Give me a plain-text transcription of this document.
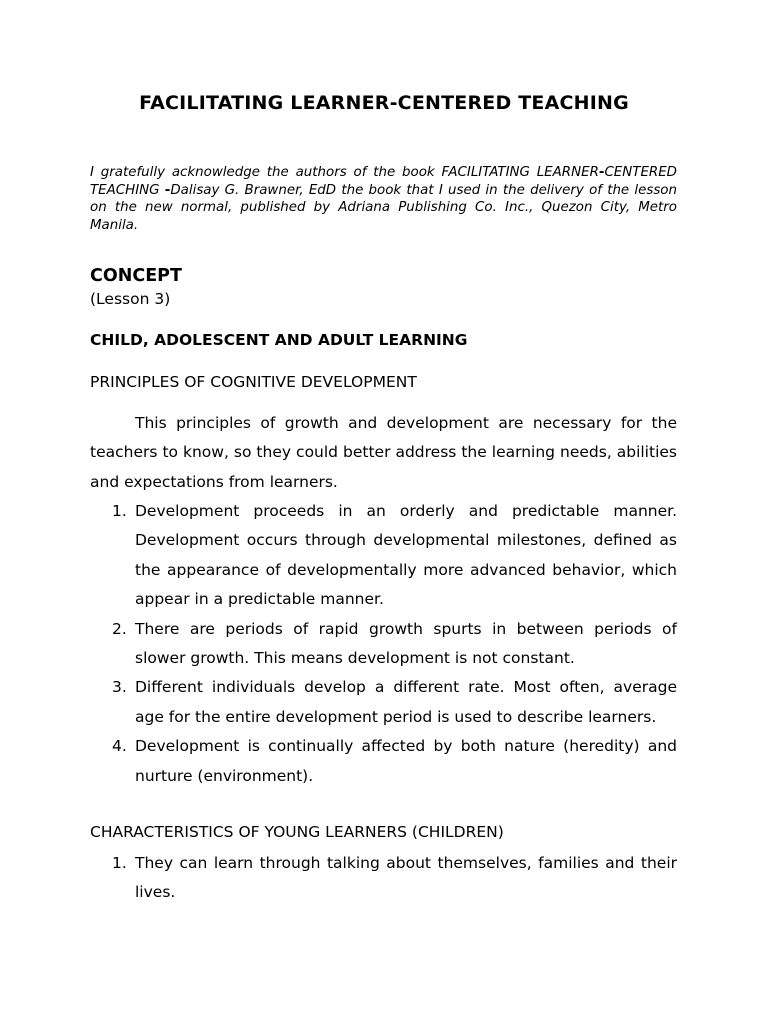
FACILITATING LEARNER-CENTERED TEACHING

I gratefully acknowledge the authors of the book FACILITATING LEARNER-CENTERED TEACHING -Dalisay G. Brawner, EdD the book that I used in the delivery of the lesson on the new normal, published by Adriana Publishing Co. Inc., Quezon City, Metro Manila.

CONCEPT

(Lesson 3)

CHILD, ADOLESCENT AND ADULT LEARNING

PRINCIPLES OF COGNITIVE DEVELOPMENT

This principles of growth and development are necessary for the teachers to know, so they could better address the learning needs, abilities and expectations from learners.

1. Development proceeds in an orderly and predictable manner. Development occurs through developmental milestones, defined as the appearance of developmentally more advanced behavior, which appear in a predictable manner.
2. There are periods of rapid growth spurts in between periods of slower growth. This means development is not constant.
3. Different individuals develop a different rate. Most often, average age for the entire development period is used to describe learners.
4. Development is continually affected by both nature (heredity) and nurture (environment).

CHARACTERISTICS OF YOUNG LEARNERS (CHILDREN)

1. They can learn through talking about themselves, families and their lives.
